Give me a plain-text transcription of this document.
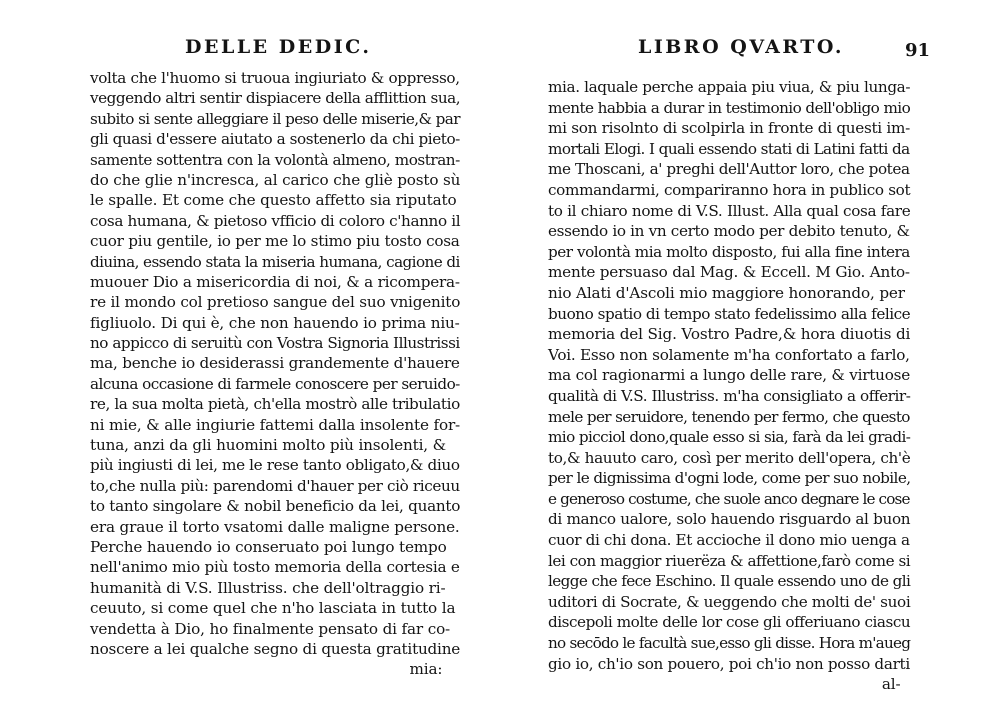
DELLE DEDIC.
volta che l'huomo si truoua ingiuriato & oppresso,
veggendo altri sentir dispiacere della afflittion sua,
subito si sente alleggiare il peso delle miserie,& par
gli quasi d'essere aiutato a sostenerlo da chi pieto-
samente sottentra con la volontà almeno, mostran-
do che glie n'incresca, al carico che gliè posto sù
le spalle. Et come che questo affetto sia riputato
cosa humana, & pietoso vfficio di coloro c'hanno il
cuor piu gentile, io per me lo stimo piu tosto cosa
diuina, essendo stata la miseria humana, cagione di
muouer Dio a misericordia di noi, & a ricompera-
re il mondo col pretioso sangue del suo vnigenito
figliuolo. Di qui è, che non hauendo io prima niu-
no appicco di seruitù con Vostra Signoria Illustrissi
ma, benche io desiderassi grandemente d'hauere
alcuna occasione di farmele conoscere per seruido-
re, la sua molta pietà, ch'ella mostrò alle tribulatio
ni mie, & alle ingiurie fattemi dalla insolente for-
tuna, anzi da gli huomini molto più insolenti, &
più ingiusti di lei, me le rese tanto obligato,& diuo
to,che nulla più: parendomi d'hauer per ciò riceuu
to tanto singolare & nobil beneficio da lei, quanto
era graue il torto vsatomi dalle maligne persone.
Perche hauendo io conseruato poi lungo tempo
nell'animo mio più tosto memoria della cortesia e
humanità di V.S. Illustriss. che dell'oltraggio ri-
ceuuto, si come quel che n'ho lasciata in tutto la
vendetta à Dio, ho finalmente pensato di far co-
noscere a lei qualche segno di questa gratitudine
mia:
LIBRO QVARTO.
mia. laquale perche appaia piu viua, & piu lunga-
mente habbia a durar in testimonio dell'obligo mio
mi son risolnto di scolpirla in fronte di questi im-
mortali Elogi. I quali essendo stati di Latini fatti da
me Thoscani, a' preghi dell'Auttor loro, che potea
commandarmi, compariranno hora in publico sot
to il chiaro nome di V.S. Illust. Alla qual cosa fare
essendo io in vn certo modo per debito tenuto, &
per volontà mia molto disposto, fui alla fine intera
mente persuaso dal Mag. & Eccell. M Gio. Anto-
nio Alati d'Ascoli mio maggiore honorando, per
buono spatio di tempo stato fedelissimo alla felice
memoria del Sig. Vostro Padre,& hora diuotis di
Voi. Esso non solamente m'ha confortato a farlo,
ma col ragionarmi a lungo delle rare, & virtuose
qualità di V.S. Illustriss. m'ha consigliato a offerir-
mele per seruidore, tenendo per fermo, che questo
mio picciol dono,quale esso si sia, farà da lei gradi-
to,& hauuto caro, così per merito dell'opera, ch'è
per le dignissima d'ogni lode, come per suo nobile,
e generoso costume, che suole anco degnare le cose
di manco ualore, solo hauendo risguardo al buon
cuor di chi dona. Et accioche il dono mio uenga a
lei con maggior riuerëza & affettione,farò come si
legge che fece Eschino. Il quale essendo uno de gli
uditori di Socrate, & ueggendo che molti de' suoi
discepoli molte delle lor cose gli offeriuano ciascu
no secōdo le facultà sue,esso gli disse. Hora m'aueg
gio io, ch'io son pouero, poi ch'io non posso darti
al-
91
